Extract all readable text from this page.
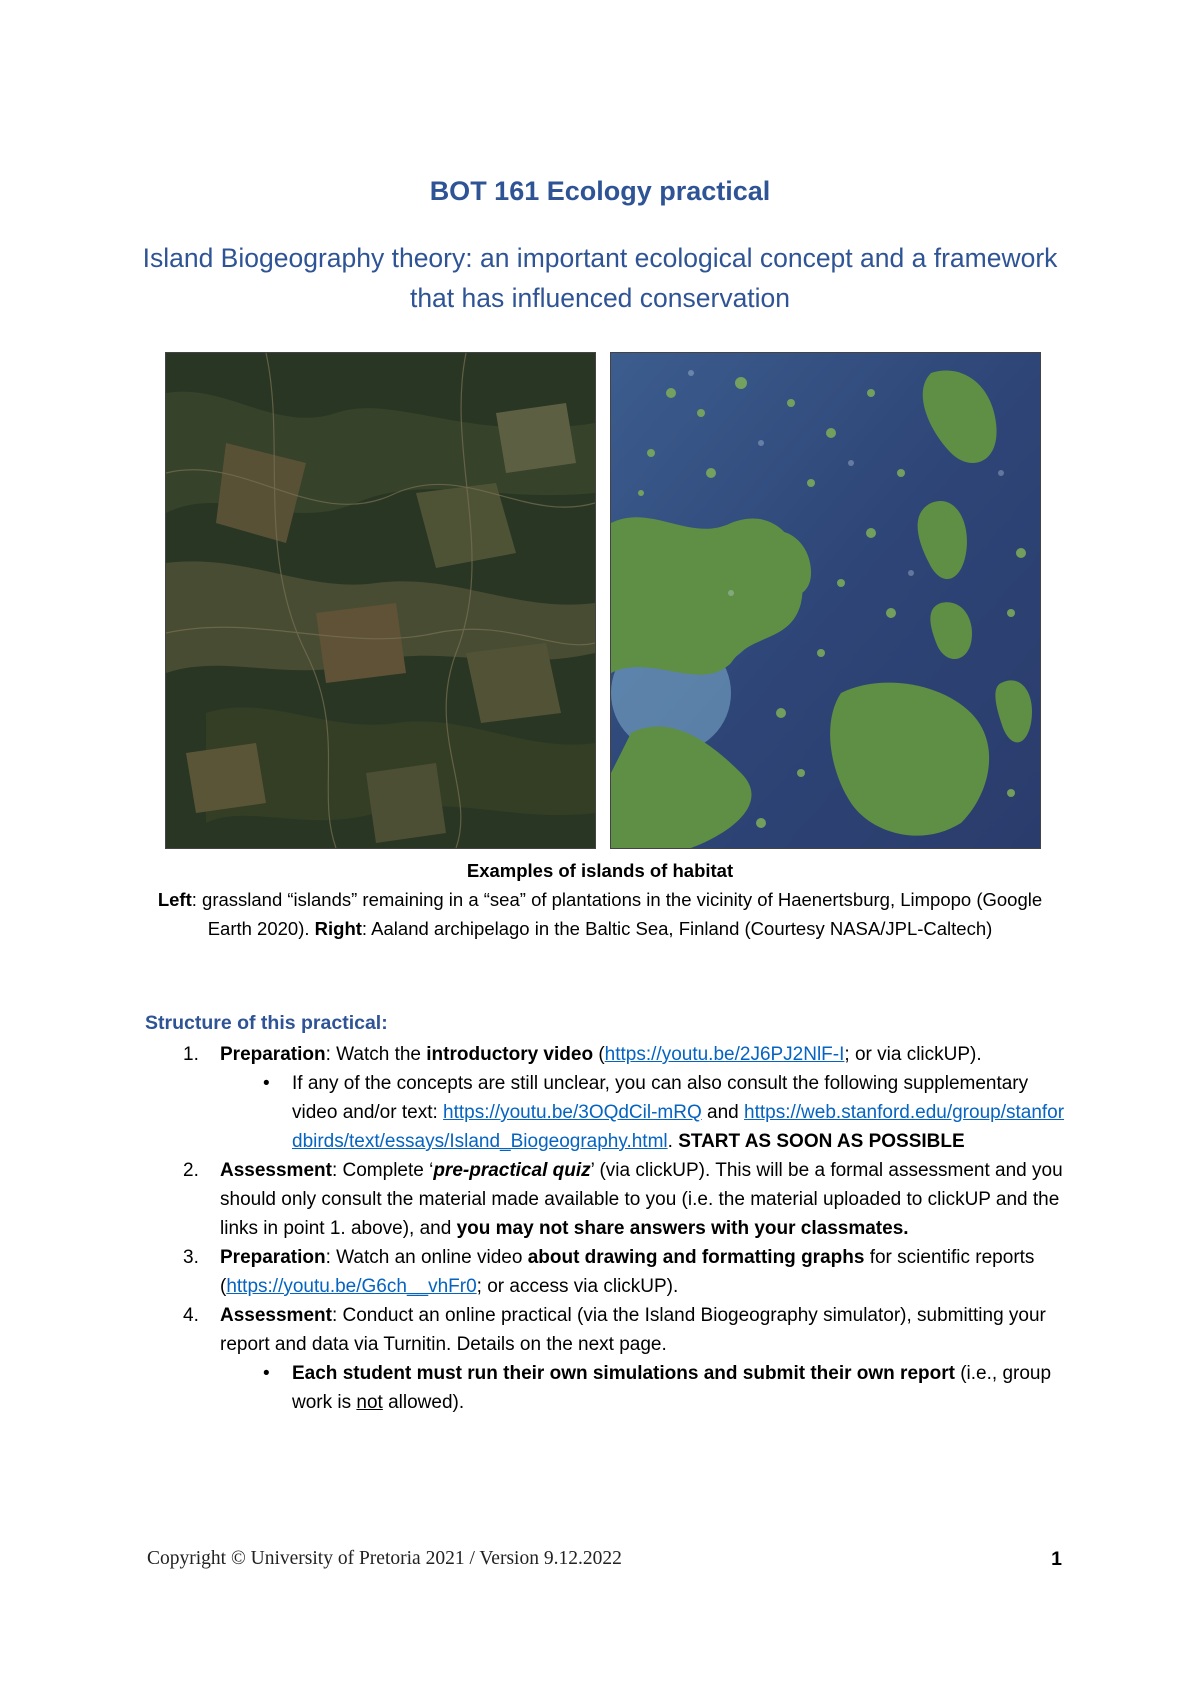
BOT 161 Ecology practical
Island Biogeography theory: an important ecological concept and a framework that has influenced conservation
Examples of islands of habitat
Left: grassland “islands” remaining in a “sea” of plantations in the vicinity of Haenertsburg, Limpopo (Google Earth 2020). Right: Aaland archipelago in the Baltic Sea, Finland (Courtesy NASA/JPL-Caltech)
Structure of this practical:
1. Preparation: Watch the introductory video (https://youtu.be/2J6PJ2NlF-I; or via clickUP).
• If any of the concepts are still unclear, you can also consult the following supplementary video and/or text: https://youtu.be/3OQdCil-mRQ and https://web.stanford.edu/group/stanfordbirds/text/essays/Island_Biogeography.html. START AS SOON AS POSSIBLE
2. Assessment: Complete ‘pre-practical quiz’ (via clickUP). This will be a formal assessment and you should only consult the material made available to you (i.e. the material uploaded to clickUP and the links in point 1. above), and you may not share answers with your classmates.
3. Preparation: Watch an online video about drawing and formatting graphs for scientific reports (https://youtu.be/G6ch__vhFr0; or access via clickUP).
4. Assessment: Conduct an online practical (via the Island Biogeography simulator), submitting your report and data via Turnitin. Details on the next page.
• Each student must run their own simulations and submit their own report (i.e., group work is not allowed).
Copyright © University of Pretoria 2021 / Version 9.12.2022	1
